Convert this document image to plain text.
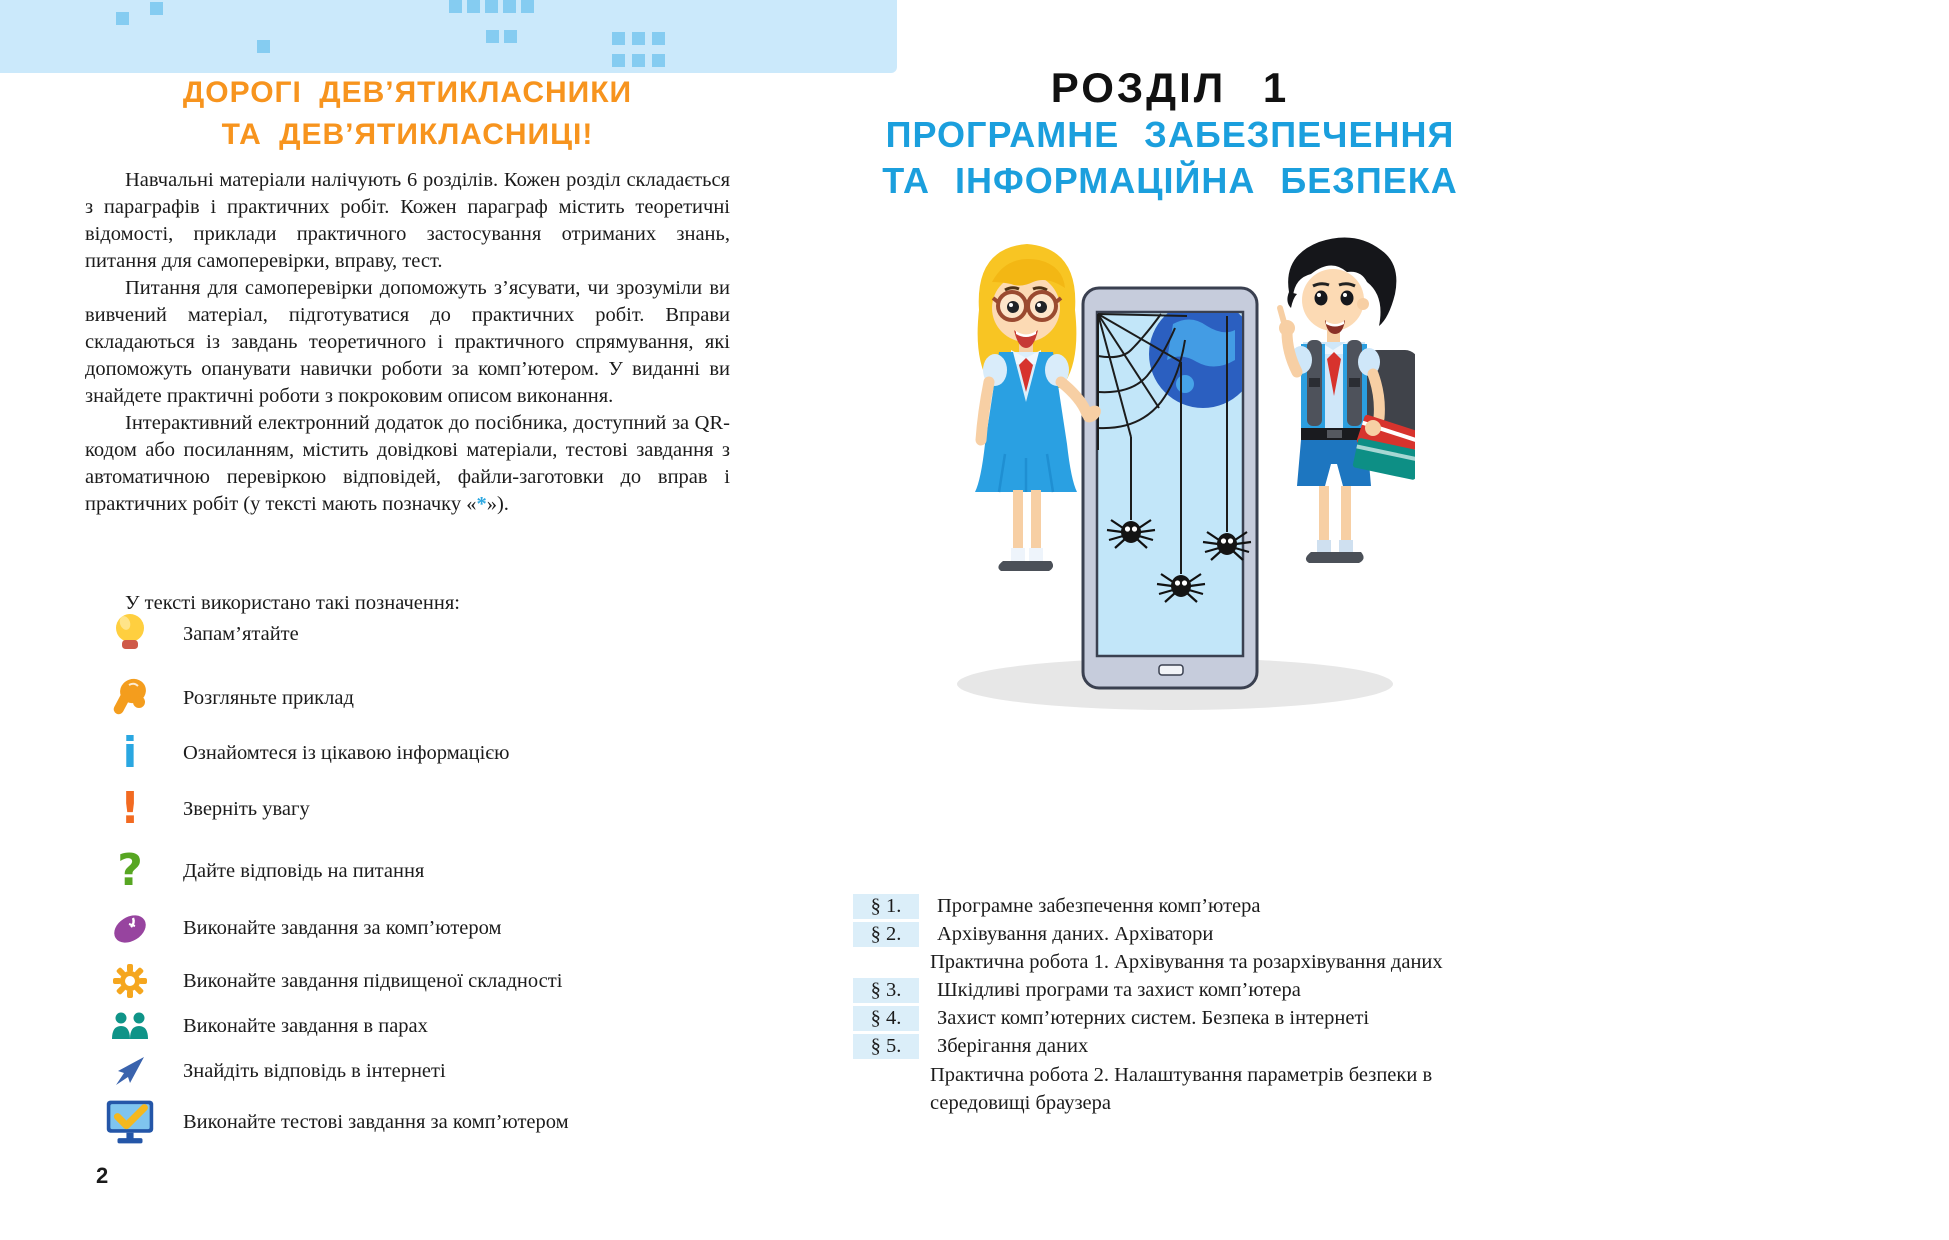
ДОРОГІ ДЕВ’ЯТИКЛАСНИКИ
ТА ДЕВ’ЯТИКЛАСНИЦІ!

Навчальні матеріали налічують 6 розділів. Кожен розділ складається з параграфів і практичних робіт. Кожен параграф містить теоретичні відомості, приклади практичного застосування отриманих знань, питання для самоперевірки, вправу, тест.

Питання для самоперевірки допоможуть з’ясувати, чи зрозуміли ви вивчений матеріал, підготуватися до практичних робіт. Вправи складаються із завдань теоретичного і практичного спрямування, які допоможуть опанувати навички роботи за комп’ютером. У виданні ви знайдете практичні роботи з покроковим описом виконання.

Інтерактивний електронний додаток до посібника, доступний за QR-кодом або посиланням, містить довідкові матеріали, тестові завдання з автоматичною перевіркою відповідей, файли-заготовки до вправ і практичних робіт (у тексті мають позначку «*»).

У тексті використано такі позначення:
Запам’ятайте
Розгляньте приклад
i Ознайомтеся із цікавою інформацією
! Зверніть увагу
? Дайте відповідь на питання
Виконайте завдання за комп’ютером
Виконайте завдання підвищеної складності
Виконайте завдання в парах
Знайдіть відповідь в інтернеті
Виконайте тестові завдання за комп’ютером
2
РОЗДІЛ 1
ПРОГРАМНЕ ЗАБЕЗПЕЧЕННЯ
ТА ІНФОРМАЦІЙНА БЕЗПЕКА
§ 1.	Програмне забезпечення комп’ютера
§ 2.	Архівування даних. Архіватори
Практична робота 1. Архівування та розархівування даних
§ 3.	Шкідливі програми та захист комп’ютера
§ 4.	Захист комп’ютерних систем. Безпека в інтернеті
§ 5.	Зберігання даних
Практична робота 2. Налаштування параметрів безпеки в середовищі браузера
